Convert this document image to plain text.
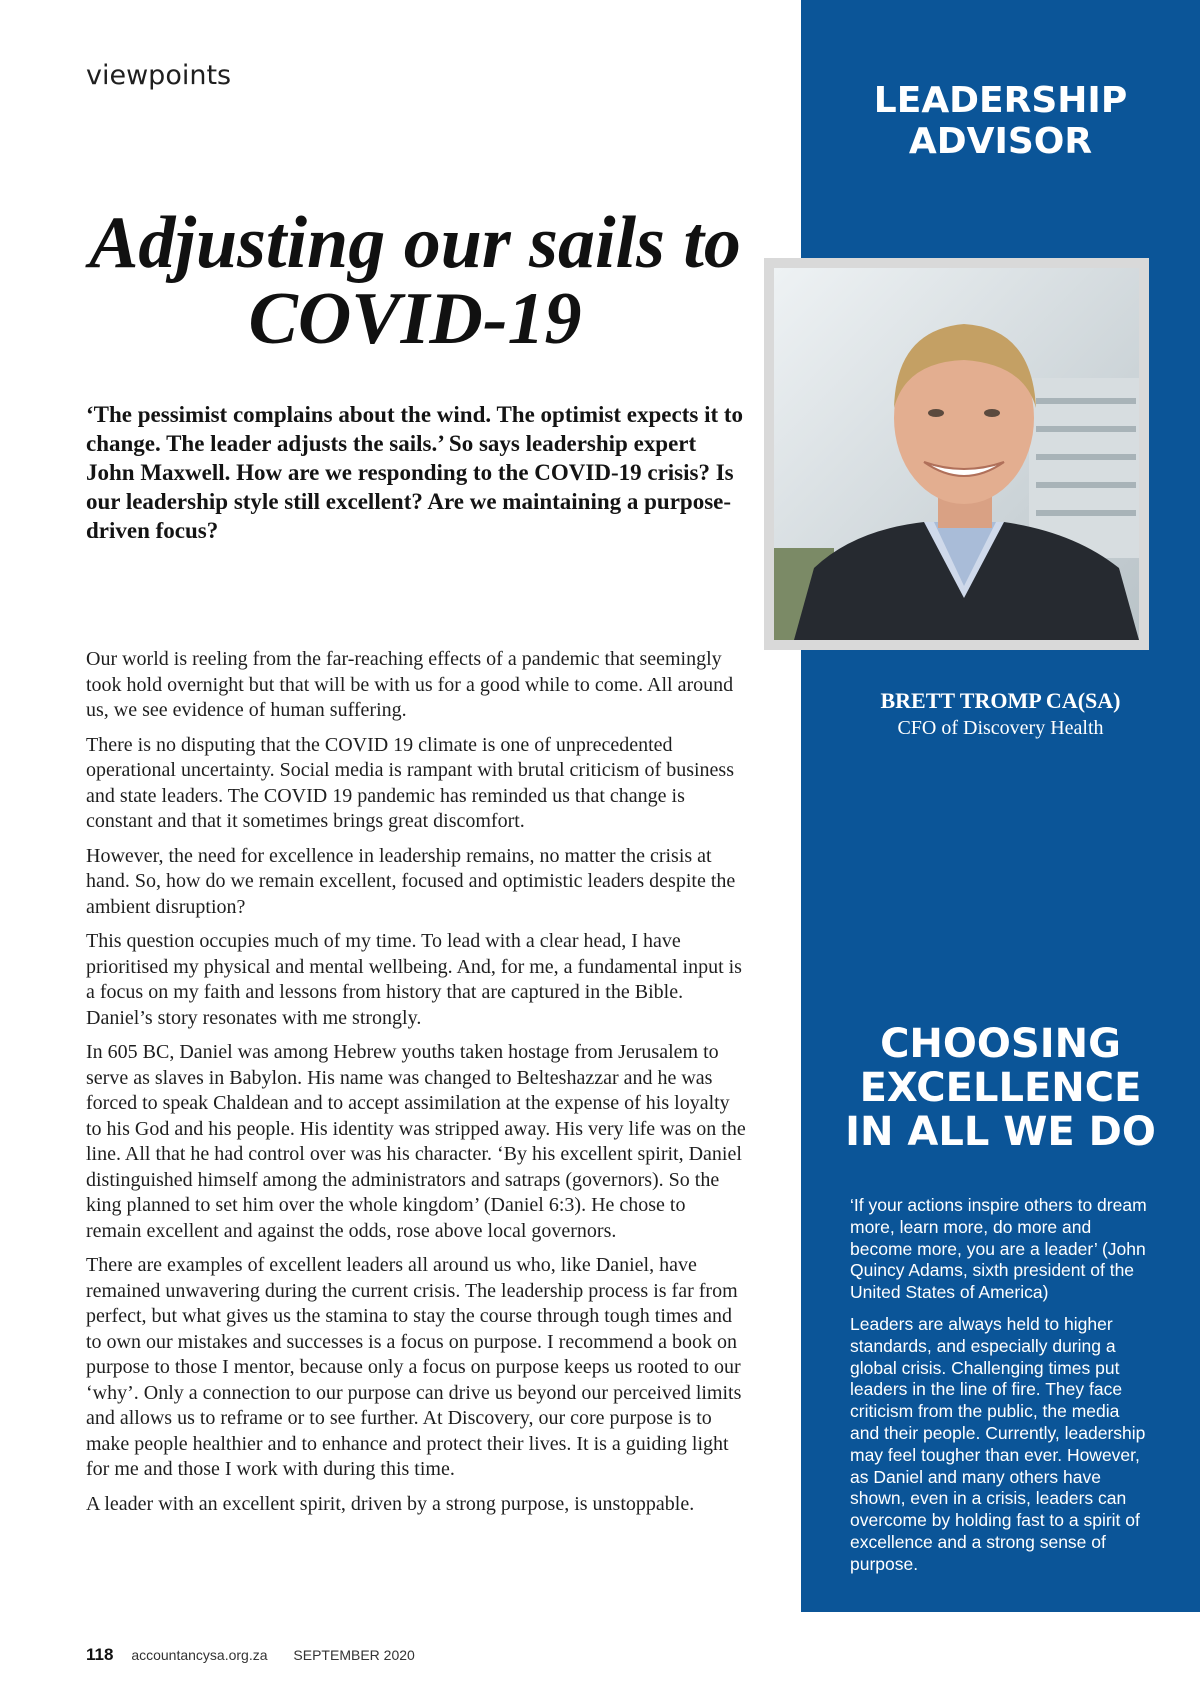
viewpoints
Adjusting our sails to
COVID-19

‘The pessimist complains about the wind. The optimist expects it to change. The leader adjusts the sails.’ So says leadership expert John Maxwell. How are we responding to the COVID-19 crisis? Is our leadership style still excellent? Are we maintaining a purpose-driven focus?

Our world is reeling from the far-reaching effects of a pandemic that seemingly took hold overnight but that will be with us for a good while to come. All around us, we see evidence of human suffering.

There is no disputing that the COVID 19 climate is one of unprecedented operational uncertainty. Social media is rampant with brutal criticism of business and state leaders. The COVID 19 pandemic has reminded us that change is constant and that it sometimes brings great discomfort.

However, the need for excellence in leadership remains, no matter the crisis at hand. So, how do we remain excellent, focused and optimistic leaders despite the ambient disruption?

This question occupies much of my time. To lead with a clear head, I have prioritised my physical and mental wellbeing. And, for me, a fundamental input is a focus on my faith and lessons from history that are captured in the Bible. Daniel’s story resonates with me strongly.

In 605 BC, Daniel was among Hebrew youths taken hostage from Jerusalem to serve as slaves in Babylon. His name was changed to Belteshazzar and he was forced to speak Chaldean and to accept assimilation at the expense of his loyalty to his God and his people. His identity was stripped away. His very life was on the line. All that he had control over was his character. ‘By his excellent spirit, Daniel distinguished himself among the administrators and satraps (governors). So the king planned to set him over the whole kingdom’ (Daniel 6:3). He chose to remain excellent and against the odds, rose above local governors.

There are examples of excellent leaders all around us who, like Daniel, have remained unwavering during the current crisis. The leadership process is far from perfect, but what gives us the stamina to stay the course through tough times and to own our mistakes and successes is a focus on purpose. I recommend a book on purpose to those I mentor, because only a focus on purpose keeps us rooted to our ‘why’. Only a connection to our purpose can drive us beyond our perceived limits and allows us to reframe or to see further. At Discovery, our core purpose is to make people healthier and to enhance and protect their lives. It is a guiding light for me and those I work with during this time.

A leader with an excellent spirit, driven by a strong purpose, is unstoppable.

LEADERSHIP
ADVISOR

BRETT TROMP CA(SA)

CFO of Discovery Health

CHOOSING
EXCELLENCE
IN ALL WE DO

‘If your actions inspire others to dream more, learn more, do more and become more, you are a leader’ (John Quincy Adams, sixth president of the United States of America)

Leaders are always held to higher standards, and especially during a global crisis. Challenging times put leaders in the line of fire. They face criticism from the public, the media and their people. Currently, leadership may feel tougher than ever. However, as Daniel and many others have shown, even in a crisis, leaders can overcome by holding fast to a spirit of excellence and a strong sense of purpose.

118 accountancysa.org.za SEPTEMBER 2020
